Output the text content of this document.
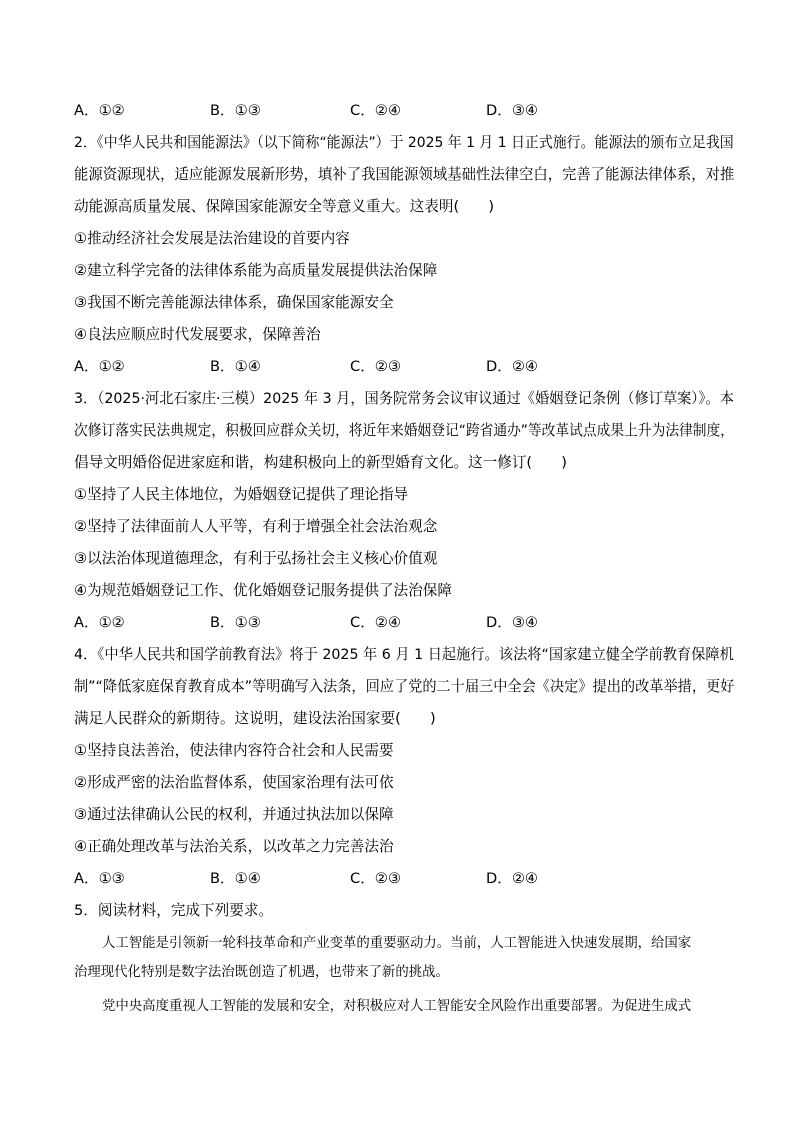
A．①②	B．①③	C．②④	D．③④
2．《中华人民共和国能源法》（以下简称“能源法”）于 2025 年 1 月 1 日正式施行。能源法的颁布立足我国
能源资源现状，适应能源发展新形势，填补了我国能源领域基础性法律空白，完善了能源法律体系，对推
动能源高质量发展、保障国家能源安全等意义重大。这表明(　　)
①推动经济社会发展是法治建设的首要内容
②建立科学完备的法律体系能为高质量发展提供法治保障
③我国不断完善能源法律体系，确保国家能源安全
④良法应顺应时代发展要求，保障善治
A．①②	B．①④	C．②③	D．②④
3．（2025·河北石家庄·三模）2025 年 3 月，国务院常务会议审议通过《婚姻登记条例（修订草案）》。本
次修订落实民法典规定，积极回应群众关切，将近年来婚姻登记“跨省通办”等改革试点成果上升为法律制度，
倡导文明婚俗促进家庭和谐，构建积极向上的新型婚育文化。这一修订(　　)
①坚持了人民主体地位，为婚姻登记提供了理论指导
②坚持了法律面前人人平等，有利于增强全社会法治观念
③以法治体现道德理念，有利于弘扬社会主义核心价值观
④为规范婚姻登记工作、优化婚姻登记服务提供了法治保障
A．①②	B．①③	C．②④	D．③④
4．《中华人民共和国学前教育法》将于 2025 年 6 月 1 日起施行。该法将“国家建立健全学前教育保障机
制”“降低家庭保育教育成本”等明确写入法条，回应了党的二十届三中全会《决定》提出的改革举措，更好
满足人民群众的新期待。这说明，建设法治国家要(　　)
①坚持良法善治，使法律内容符合社会和人民需要
②形成严密的法治监督体系，使国家治理有法可依
③通过法律确认公民的权利，并通过执法加以保障
④正确处理改革与法治关系，以改革之力完善法治
A．①③	B．①④	C．②③	D．②④
5．阅读材料，完成下列要求。
人工智能是引领新一轮科技革命和产业变革的重要驱动力。当前，人工智能进入快速发展期，给国家
治理现代化特别是数字法治既创造了机遇，也带来了新的挑战。
党中央高度重视人工智能的发展和安全，对积极应对人工智能安全风险作出重要部署。为促进生成式
